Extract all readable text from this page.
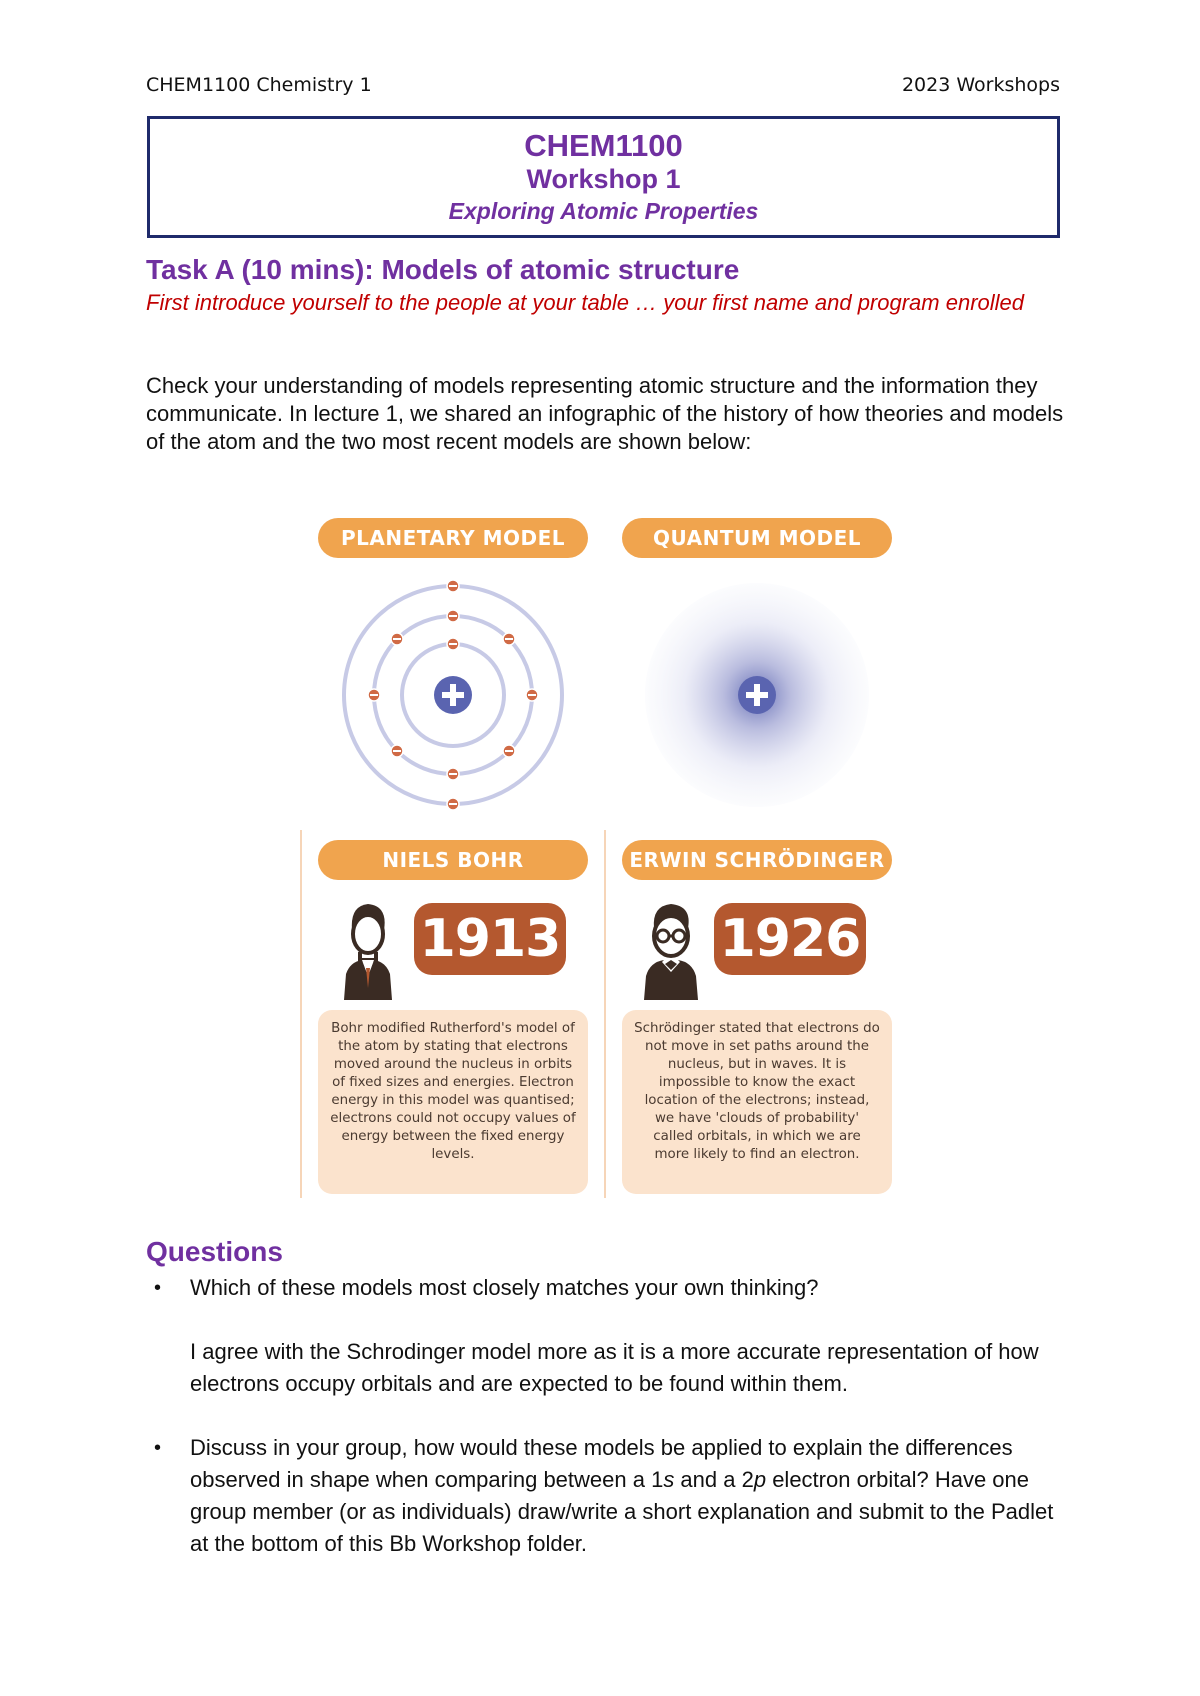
CHEM1100 Chemistry 1	2023 Workshops
CHEM1100
Workshop 1
Exploring Atomic Properties
Task A (10 mins): Models of atomic structure
First introduce yourself to the people at your table … your first name and program enrolled
Check your understanding of models representing atomic structure and the information they communicate. In lecture 1, we shared an infographic of the history of how theories and models of the atom and the two most recent models are shown below:
PLANETARY MODEL	QUANTUM MODEL
NIELS BOHR	ERWIN SCHRÖDINGER
1913	1926
Bohr modified Rutherford's model of the atom by stating that electrons moved around the nucleus in orbits of fixed sizes and energies. Electron energy in this model was quantised; electrons could not occupy values of energy between the fixed energy levels.
Schrödinger stated that electrons do not move in set paths around the nucleus, but in waves. It is impossible to know the exact location of the electrons; instead, we have 'clouds of probability' called orbitals, in which we are more likely to find an electron.
Questions
• Which of these models most closely matches your own thinking?
I agree with the Schrodinger model more as it is a more accurate representation of how electrons occupy orbitals and are expected to be found within them.
• Discuss in your group, how would these models be applied to explain the differences observed in shape when comparing between a 1s and a 2p electron orbital? Have one group member (or as individuals) draw/write a short explanation and submit to the Padlet at the bottom of this Bb Workshop folder.
